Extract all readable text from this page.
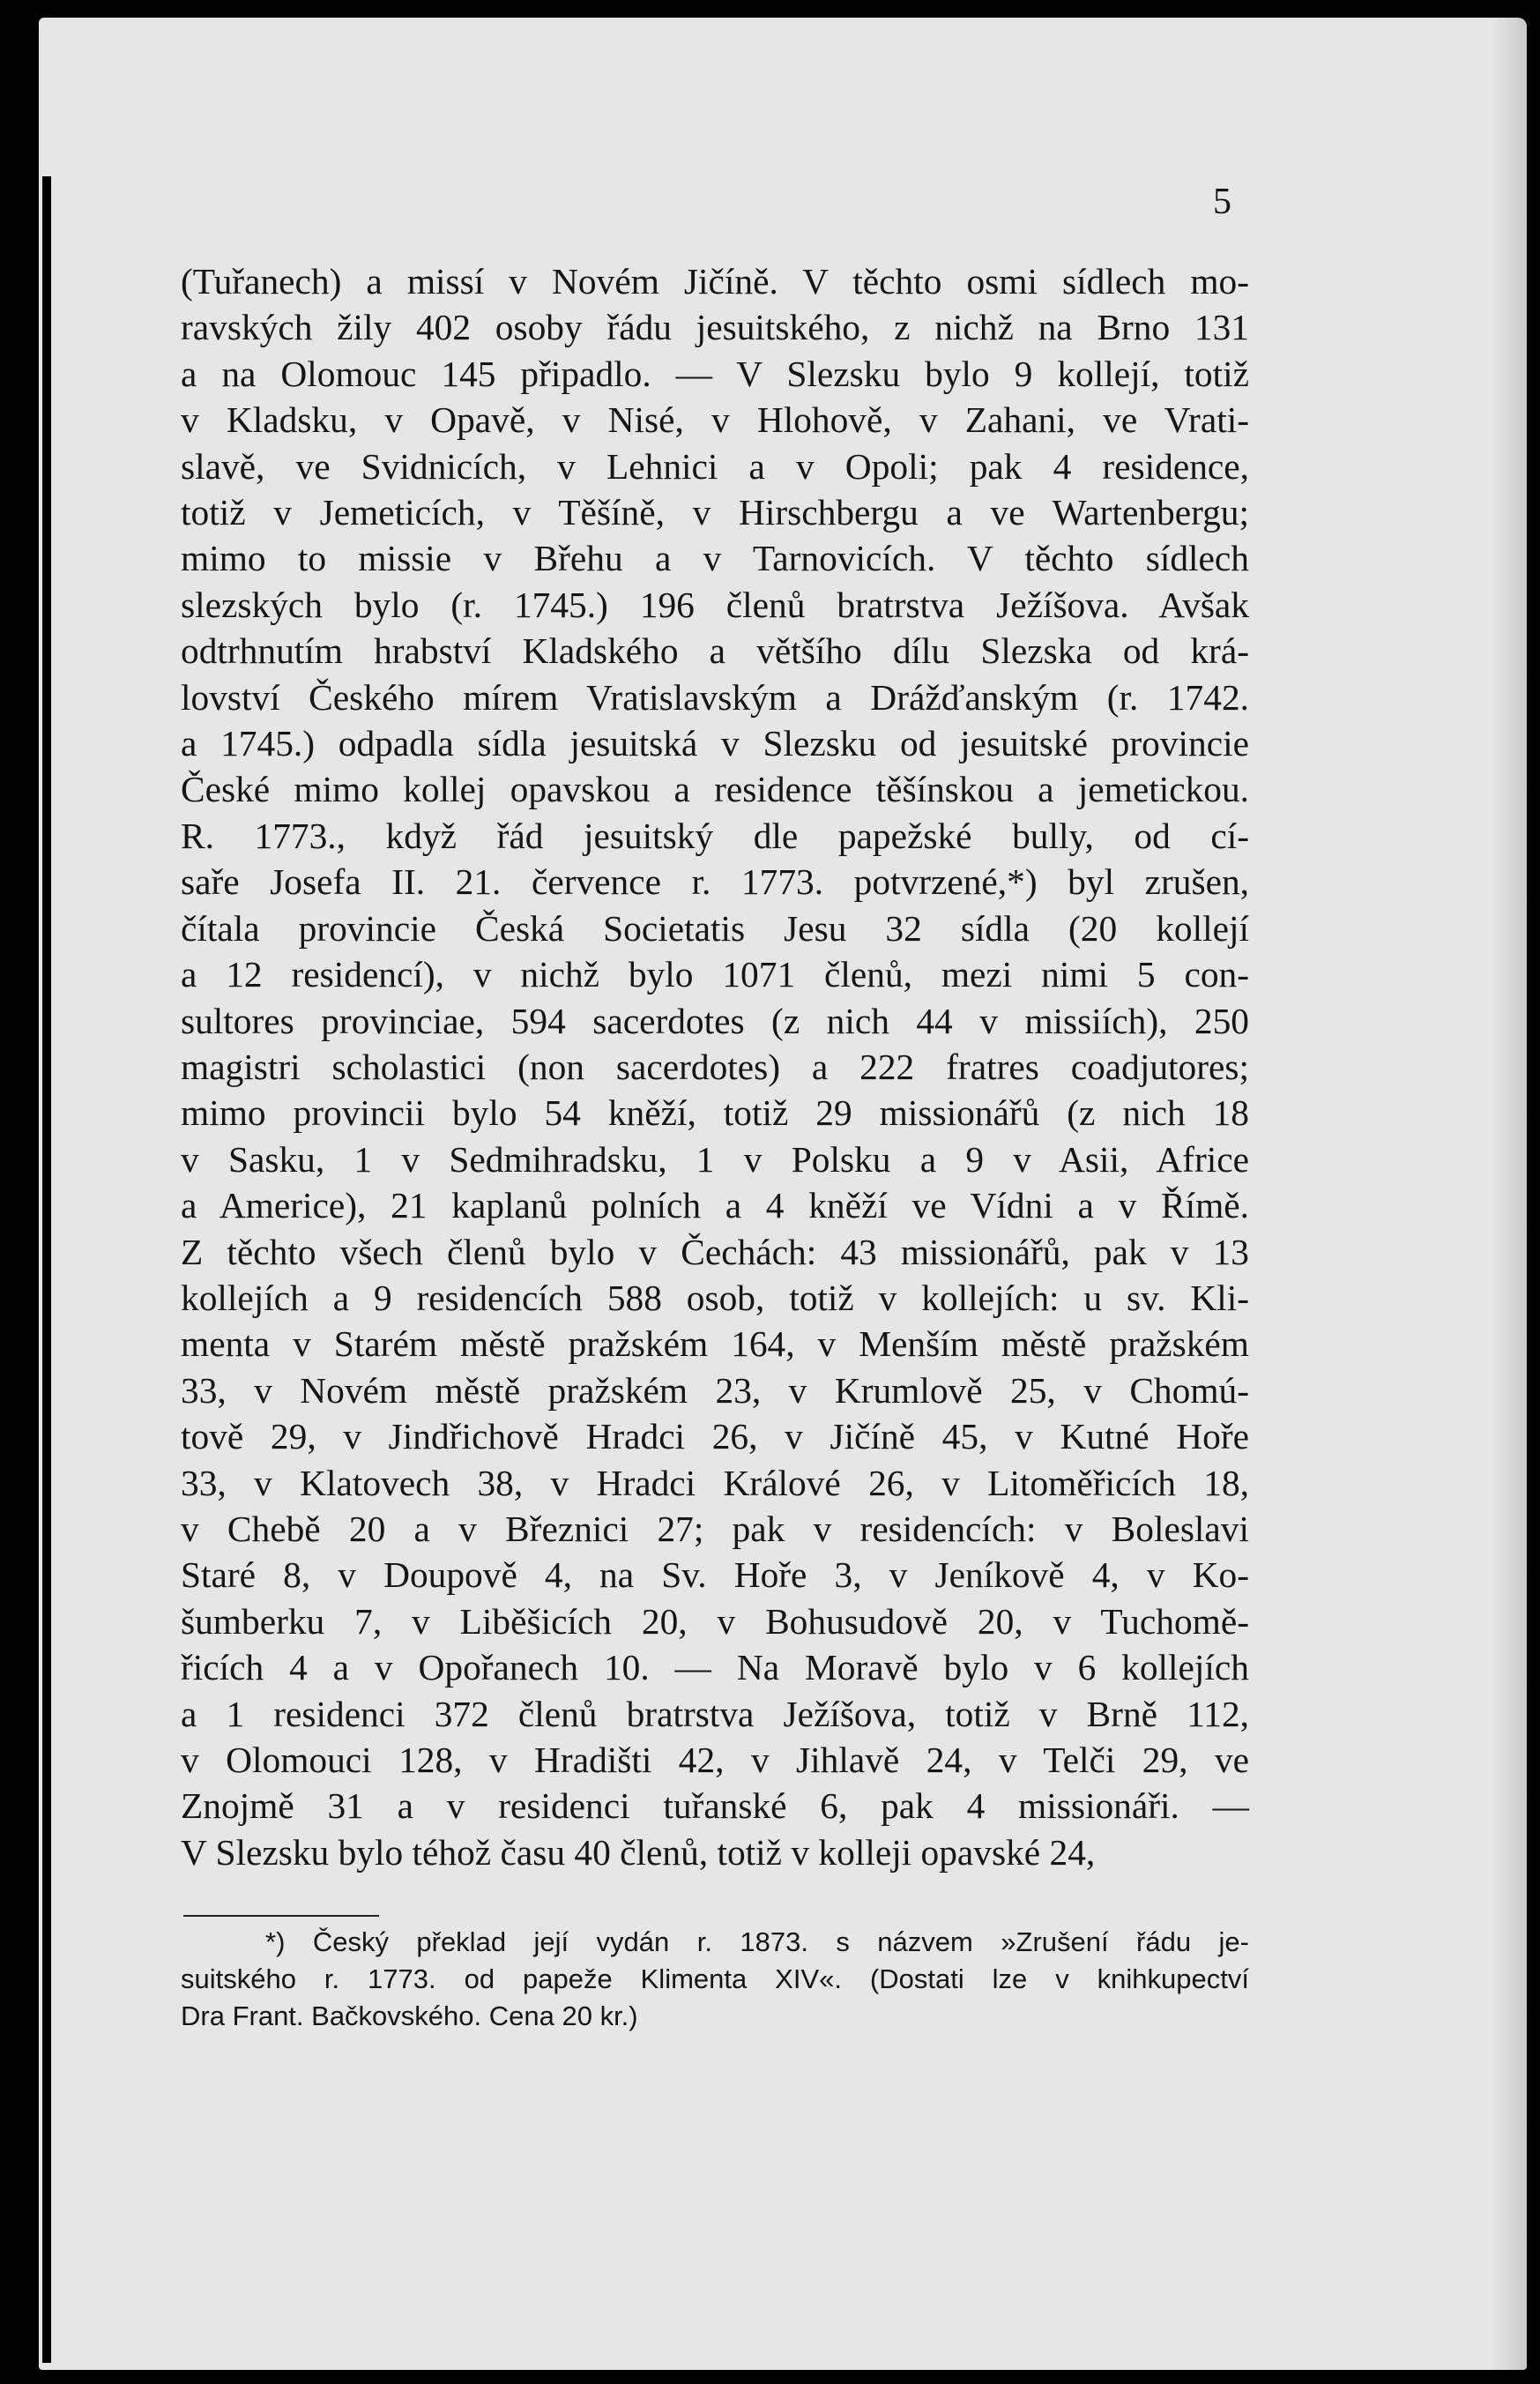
5
(Tuřanech) a missí v Novém Jičíně. V těchto osmi sídlech mo-
ravských žily 402 osoby řádu jesuitského, z nichž na Brno 131
a na Olomouc 145 připadlo. — V Slezsku bylo 9 kollejí, totiž
v Kladsku, v Opavě, v Nisé, v Hlohově, v Zahani, ve Vrati-
slavě, ve Svidnicích, v Lehnici a v Opoli; pak 4 residence,
totiž v Jemeticích, v Těšíně, v Hirschbergu a ve Wartenbergu;
mimo to missie v Břehu a v Tarnovicích. V těchto sídlech
slezských bylo (r. 1745.) 196 členů bratrstva Ježíšova. Avšak
odtrhnutím hrabství Kladského a většího dílu Slezska od krá-
lovství Českého mírem Vratislavským a Drážďanským (r. 1742.
a 1745.) odpadla sídla jesuitská v Slezsku od jesuitské provincie
České mimo kollej opavskou a residence těšínskou a jemetickou.
R. 1773., když řád jesuitský dle papežské bully, od cí-
saře Josefa II. 21. července r. 1773. potvrzené,*) byl zrušen,
čítala provincie Česká Societatis Jesu 32 sídla (20 kollejí
a 12 residencí), v nichž bylo 1071 členů, mezi nimi 5 con-
sultores provinciae, 594 sacerdotes (z nich 44 v missiích), 250
magistri scholastici (non sacerdotes) a 222 fratres coadjutores;
mimo provincii bylo 54 kněží, totiž 29 missionářů (z nich 18
v Sasku, 1 v Sedmihradsku, 1 v Polsku a 9 v Asii, Africe
a Americe), 21 kaplanů polních a 4 kněží ve Vídni a v Římě.
Z těchto všech členů bylo v Čechách: 43 missionářů, pak v 13
kollejích a 9 residencích 588 osob, totiž v kollejích: u sv. Kli-
menta v Starém městě pražském 164, v Menším městě pražském
33, v Novém městě pražském 23, v Krumlově 25, v Chomú-
tově 29, v Jindřichově Hradci 26, v Jičíně 45, v Kutné Hoře
33, v Klatovech 38, v Hradci Králové 26, v Litoměřicích 18,
v Chebě 20 a v Březnici 27; pak v residencích: v Boleslavi
Staré 8, v Doupově 4, na Sv. Hoře 3, v Jeníkově 4, v Ko-
šumberku 7, v Liběšicích 20, v Bohusudově 20, v Tuchomě-
řicích 4 a v Opořanech 10. — Na Moravě bylo v 6 kollejích
a 1 residenci 372 členů bratrstva Ježíšova, totiž v Brně 112,
v Olomouci 128, v Hradišti 42, v Jihlavě 24, v Telči 29, ve
Znojmě 31 a v residenci tuřanské 6, pak 4 missionáři. —
V Slezsku bylo téhož času 40 členů, totiž v kolleji opavské 24,
*) Český překlad její vydán r. 1873. s názvem »Zrušení řádu je-
suitského r. 1773. od papeže Klimenta XIV«. (Dostati lze v knihkupectví
Dra Frant. Bačkovského. Cena 20 kr.)
